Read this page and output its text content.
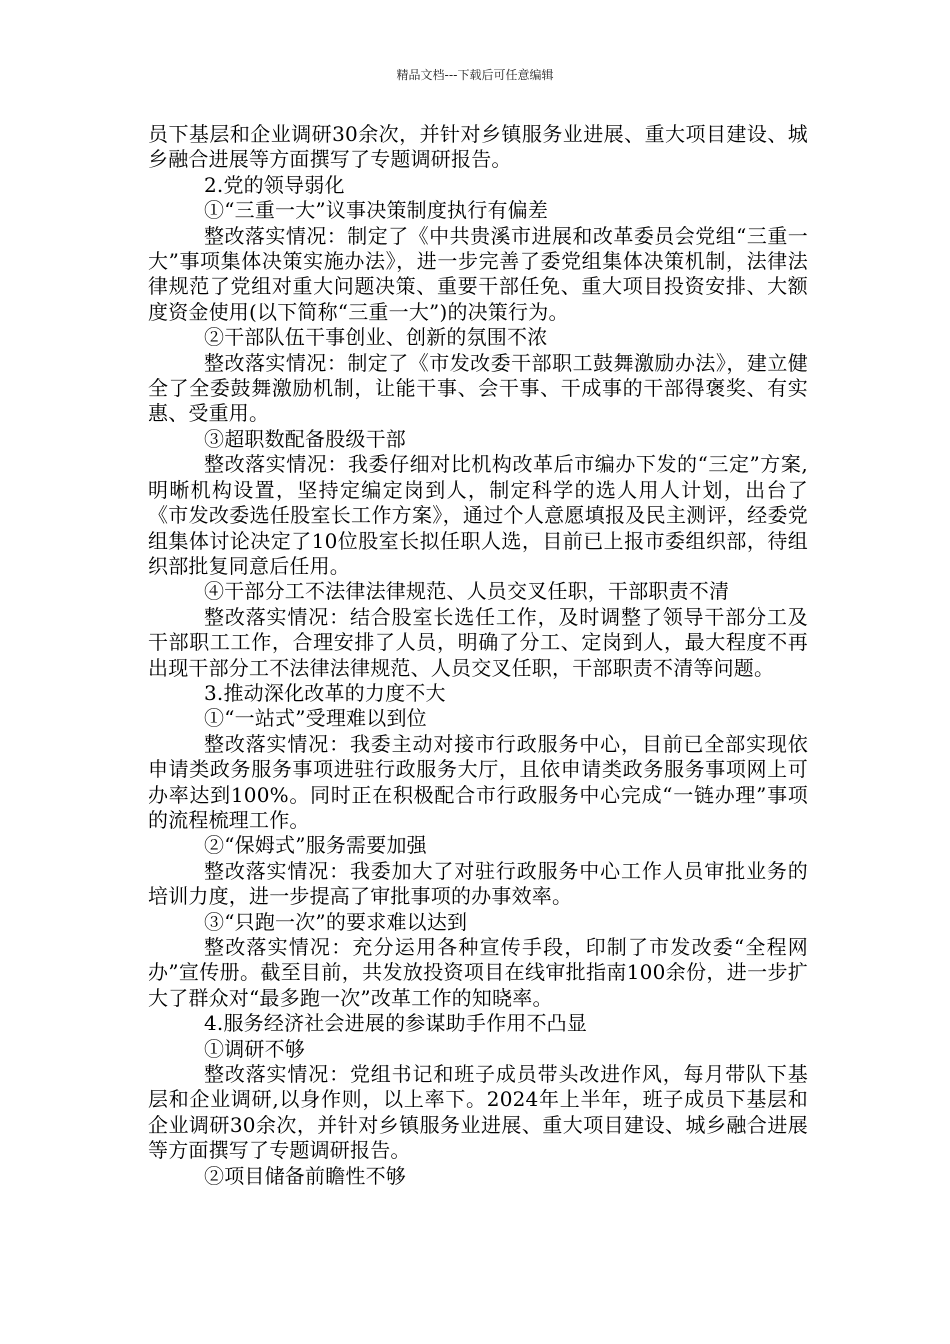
精品文档---下载后可任意编辑

员下基层和企业调研30余次，并针对乡镇服务业进展、重大项目建设、城乡融合进展等方面撰写了专题调研报告。

2.党的领导弱化

①“三重一大”议事决策制度执行有偏差

整改落实情况：制定了《中共贵溪市进展和改革委员会党组“三重一大”事项集体决策实施办法》，进一步完善了委党组集体决策机制，法律法律规范了党组对重大问题决策、重要干部任免、重大项目投资安排、大额度资金使用(以下简称“三重一大”)的决策行为。

②干部队伍干事创业、创新的氛围不浓

整改落实情况：制定了《市发改委干部职工鼓舞激励办法》，建立健全了全委鼓舞激励机制，让能干事、会干事、干成事的干部得褒奖、有实惠、受重用。

③超职数配备股级干部

整改落实情况：我委仔细对比机构改革后市编办下发的“三定”方案,明晰机构设置，坚持定编定岗到人，制定科学的选人用人计划，出台了《市发改委选任股室长工作方案》，通过个人意愿填报及民主测评，经委党组集体讨论决定了10位股室长拟任职人选，目前已上报市委组织部，待组织部批复同意后任用。

④干部分工不法律法律规范、人员交叉任职，干部职责不清

整改落实情况：结合股室长选任工作，及时调整了领导干部分工及干部职工工作，合理安排了人员，明确了分工、定岗到人，最大程度不再出现干部分工不法律法律规范、人员交叉任职，干部职责不清等问题。

3.推动深化改革的力度不大

①“一站式”受理难以到位

整改落实情况：我委主动对接市行政服务中心，目前已全部实现依申请类政务服务事项进驻行政服务大厅，且依申请类政务服务事项网上可办率达到100%。同时正在积极配合市行政服务中心完成“一链办理”事项的流程梳理工作。

②“保姆式”服务需要加强

整改落实情况：我委加大了对驻行政服务中心工作人员审批业务的培训力度，进一步提高了审批事项的办事效率。

③“只跑一次”的要求难以达到

整改落实情况：充分运用各种宣传手段，印制了市发改委“全程网办”宣传册。截至目前，共发放投资项目在线审批指南100余份，进一步扩大了群众对“最多跑一次”改革工作的知晓率。

4.服务经济社会进展的参谋助手作用不凸显

①调研不够

整改落实情况：党组书记和班子成员带头改进作风，每月带队下基层和企业调研,以身作则，以上率下。2024年上半年，班子成员下基层和企业调研30余次，并针对乡镇服务业进展、重大项目建设、城乡融合进展等方面撰写了专题调研报告。

②项目储备前瞻性不够
